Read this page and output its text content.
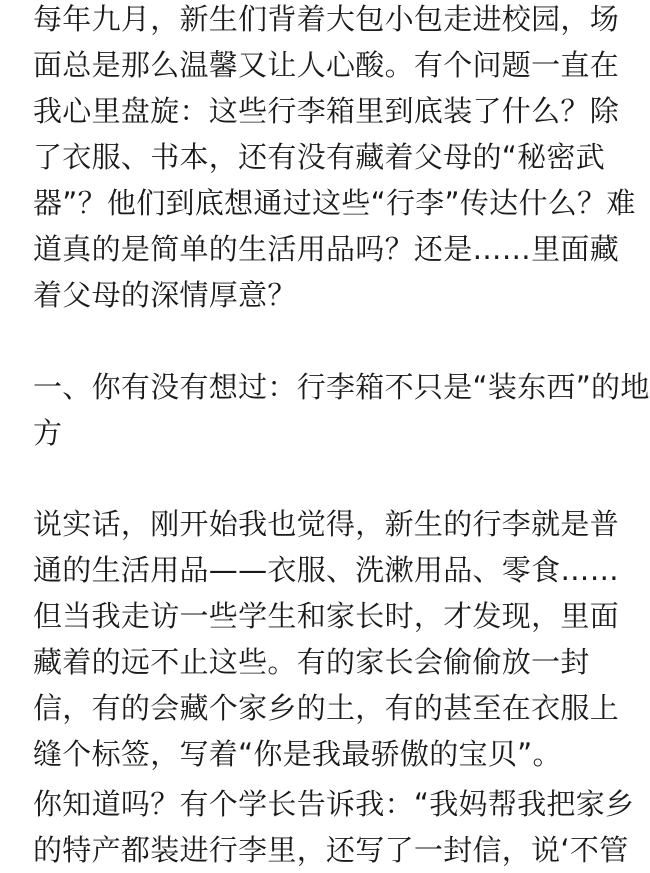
每年九月，新生们背着大包小包走进校园，场
面总是那么温馨又让人心酸。有个问题一直在
我心里盘旋：这些行李箱里到底装了什么？除
了衣服、书本，还有没有藏着父母的“秘密武
器”？他们到底想通过这些“行李”传达什么？难
道真的是简单的生活用品吗？还是……里面藏
着父母的深情厚意？
一、你有没有想过：行李箱不只是“装东西”的地
方
说实话，刚开始我也觉得，新生的行李就是普
通的生活用品——衣服、洗漱用品、零食……
但当我走访一些学生和家长时，才发现，里面
藏着的远不止这些。有的家长会偷偷放一封
信，有的会藏个家乡的土，有的甚至在衣服上
缝个标签，写着“你是我最骄傲的宝贝”。
你知道吗？有个学长告诉我：“我妈帮我把家乡
的特产都装进行李里，还写了一封信，说‘不管
